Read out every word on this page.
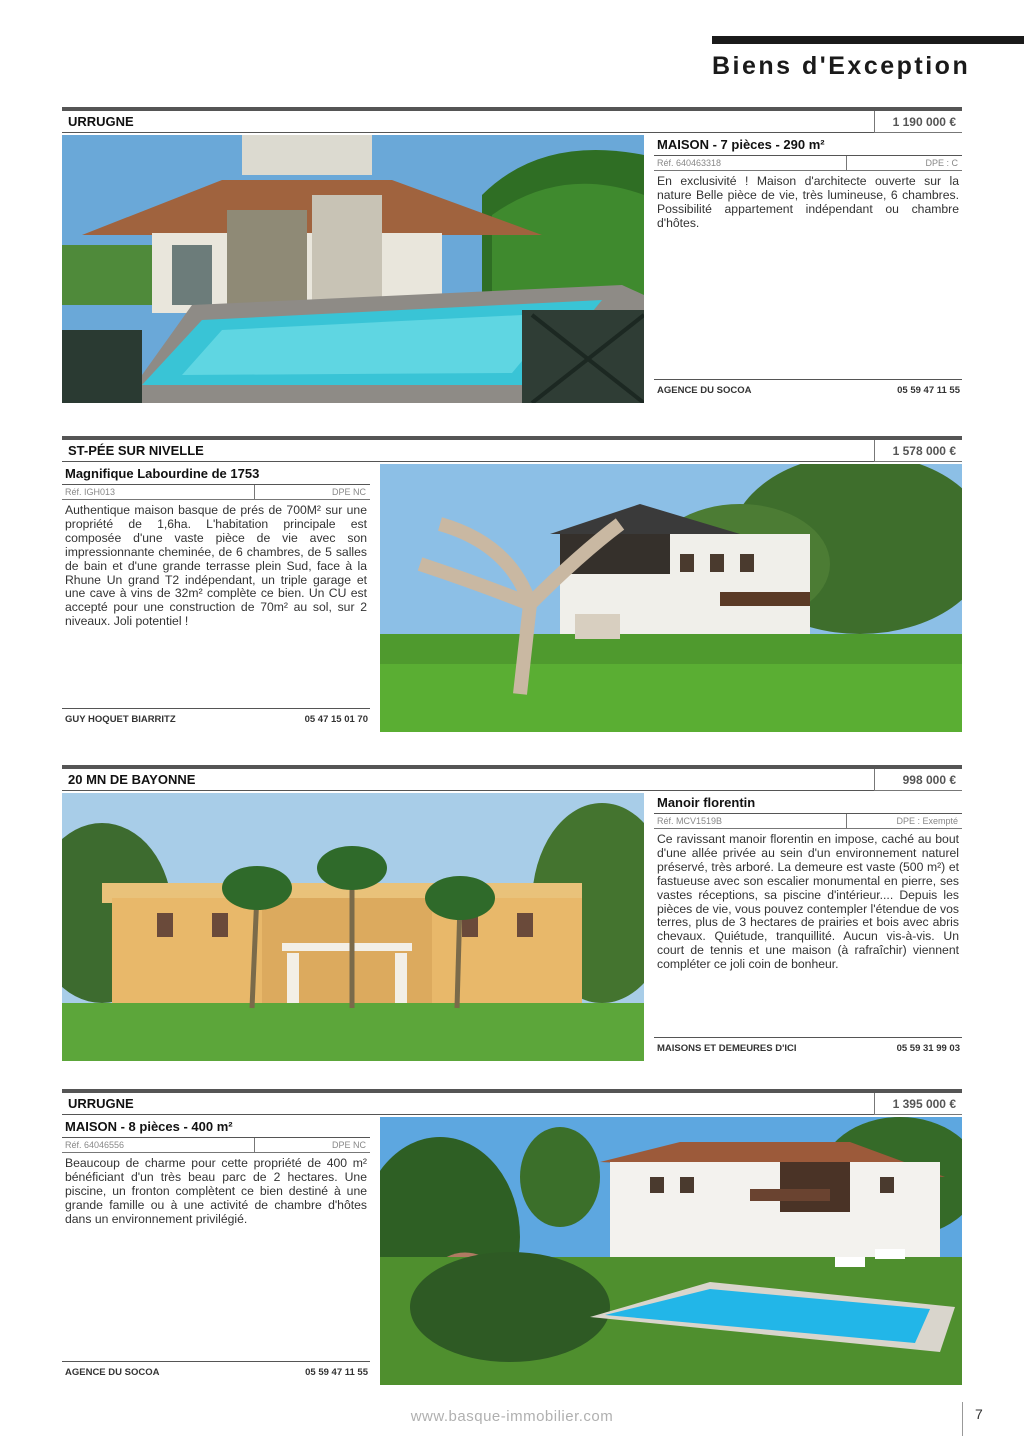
Biens d'Exception
URRUGNE	1 190 000 €
MAISON - 7 pièces - 290 m²
Réf. 640463318	DPE : C
En exclusivité ! Maison d'architecte ouverte sur la nature Belle pièce de vie, très lumineuse, 6 chambres. Possibilité appartement indépendant ou chambre d'hôtes.
AGENCE DU SOCOA	05 59 47 11 55
ST-PÉE SUR NIVELLE	1 578 000 €
Magnifique Labourdine de 1753
Réf. IGH013	DPE NC
Authentique maison basque de prés de 700M² sur une propriété de 1,6ha. L'habitation principale est composée d'une vaste pièce de vie avec son impressionnante cheminée, de 6 chambres, de 5 salles de bain et d'une grande terrasse plein Sud, face à la Rhune Un grand T2 indépendant, un triple garage et une cave à vins de 32m² complète ce bien. Un CU est accepté pour une construction de 70m² au sol, sur 2 niveaux. Joli potentiel !
GUY HOQUET BIARRITZ	05 47 15 01 70
20 MN DE BAYONNE	998 000 €
Manoir florentin
Réf. MCV1519B	DPE : Exempté
Ce ravissant manoir florentin en impose, caché au bout d'une allée privée au sein d'un environnement naturel préservé, très arboré. La demeure est vaste (500 m²) et fastueuse avec son escalier monumental en pierre, ses vastes réceptions, sa piscine d'intérieur.... Depuis les pièces de vie, vous pouvez contempler l'étendue de vos terres, plus de 3 hectares de prairies et bois avec abris chevaux. Quiétude, tranquillité. Aucun vis-à-vis. Un court de tennis et une maison (à rafraîchir) viennent compléter ce joli coin de bonheur.
MAISONS ET DEMEURES D'ICI	05 59 31 99 03
URRUGNE	1 395 000 €
MAISON - 8 pièces - 400 m²
Réf. 64046556	DPE NC
Beaucoup de charme pour cette propriété de 400 m² bénéficiant d'un très beau parc de 2 hectares. Une piscine, un fronton complètent ce bien destiné à une grande famille ou à une activité de chambre d'hôtes dans un environnement privilégié.
AGENCE DU SOCOA	05 59 47 11 55
www.basque-immobilier.com	7
